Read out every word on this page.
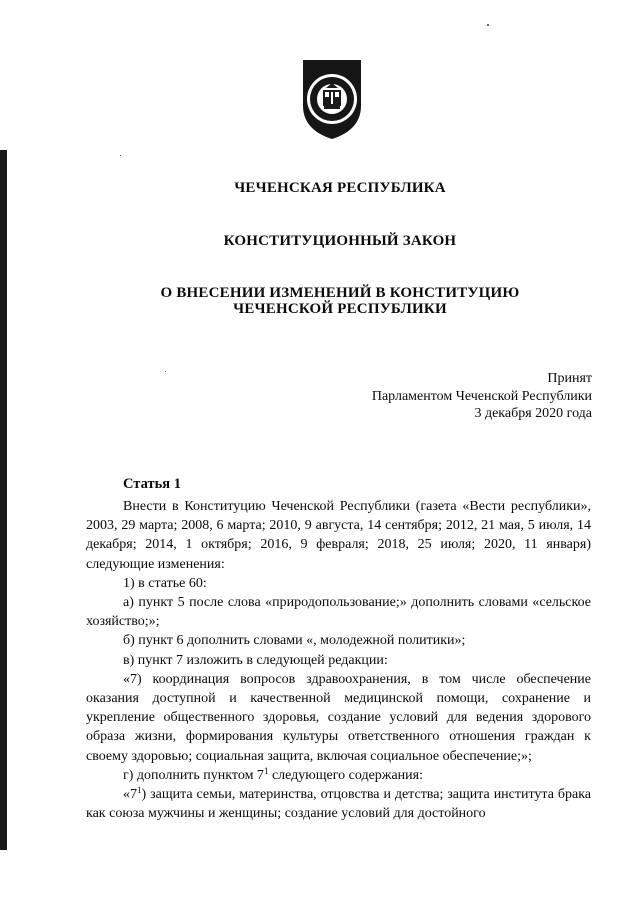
ЧЕЧЕНСКАЯ РЕСПУБЛИКА
КОНСТИТУЦИОННЫЙ ЗАКОН
О ВНЕСЕНИИ ИЗМЕНЕНИЙ В КОНСТИТУЦИЮ
ЧЕЧЕНСКОЙ РЕСПУБЛИКИ
Принят
Парламентом Чеченской Республики
3 декабря 2020 года
Статья 1

Внести в Конституцию Чеченской Республики (газета «Вести республики», 2003, 29 марта; 2008, 6 марта; 2010, 9 августа, 14 сентября; 2012, 21 мая, 5 июля, 14 декабря; 2014, 1 октября; 2016, 9 февраля; 2018, 25 июля; 2020, 11 января) следующие изменения:

1) в статье 60:

а) пункт 5 после слова «природопользование;» дополнить словами «сельское хозяйство;»;

б) пункт 6 дополнить словами «, молодежной политики»;

в) пункт 7 изложить в следующей редакции:

«7) координация вопросов здравоохранения, в том числе обеспечение оказания доступной и качественной медицинской помощи, сохранение и укрепление общественного здоровья, создание условий для ведения здорового образа жизни, формирования культуры ответственного отношения граждан к своему здоровью; социальная защита, включая социальное обеспечение;»;

г) дополнить пунктом $7^1$ следующего содержания:

«$7^1$) защита семьи, материнства, отцовства и детства; защита института брака как союза мужчины и женщины; создание условий для достойного
